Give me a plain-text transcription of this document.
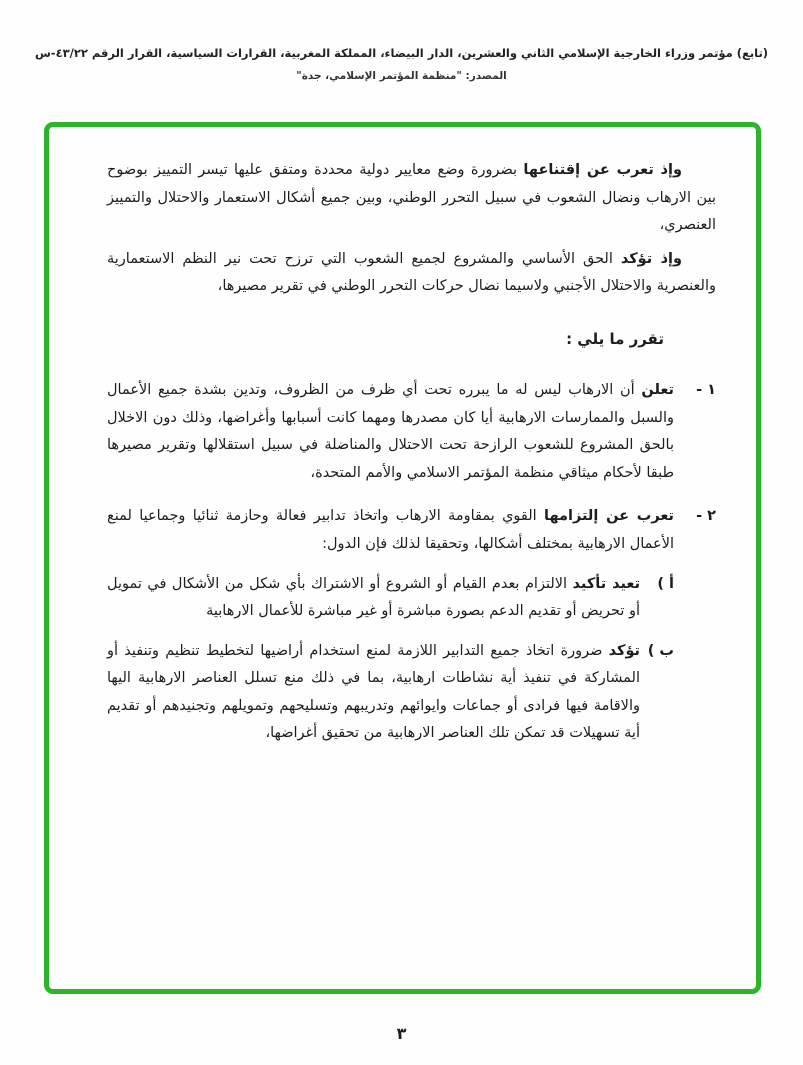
(تابع) مؤتمر وزراء الخارجية الإسلامي الثاني والعشرين، الدار البيضاء، المملكة المغربية، القرارات السياسية، القرار الرقم ٤٣/٢٢-س
المصدر: "منظمة المؤتمر الإسلامي، جدة"

وإذ تعرب عن إقتناعها بضرورة وضع معايير دولية محددة ومتفق عليها تيسر التمييز بوضوح بين الارهاب ونضال الشعوب في سبيل التحرر الوطني، وبين جميع أشكال الاستعمار والاحتلال والتمييز العنصري،

وإذ تؤكد الحق الأساسي والمشروع لجميع الشعوب التي ترزح تحت نير النظم الاستعمارية والعنصرية والاحتلال الأجنبي ولاسيما نضال حركات التحرر الوطني في تقرير مصيرها،

تقرر ما يلي :

١ -

تعلن أن الارهاب ليس له ما يبرره تحت أي ظرف من الظروف، وتدين بشدة جميع الأعمال والسبل والممارسات الارهابية أيا كان مصدرها ومهما كانت أسبابها وأغراضها، وذلك دون الاخلال بالحق المشروع للشعوب الرازحة تحت الاحتلال والمناضلة في سبيل استقلالها وتقرير مصيرها طبقا لأحكام ميثاقي منظمة المؤتمر الاسلامي والأمم المتحدة،

٢ -

تعرب عن إلتزامها القوي بمقاومة الارهاب واتخاذ تدابير فعالة وحازمة ثنائيا وجماعيا لمنع الأعمال الارهابية بمختلف أشكالها، وتحقيقا لذلك فإن الدول:

أ )

تعيد تأكيد الالتزام بعدم القيام أو الشروع أو الاشتراك بأي شكل من الأشكال في تمويل أو تحريض أو تقديم الدعم بصورة مباشرة أو غير مباشرة للأعمال الارهابية

ب )

تؤكد ضرورة اتخاذ جميع التدابير اللازمة لمنع استخدام أراضيها لتخطيط تنظيم وتنفيذ أو المشاركة في تنفيذ أية نشاطات ارهابية، بما في ذلك منع تسلل العناصر الارهابية اليها والاقامة فيها فرادى أو جماعات وايوائهم وتدريبهم وتسليحهم وتمويلهم وتجنيدهم أو تقديم أية تسهيلات قد تمكن تلك العناصر الارهابية من تحقيق أغراضها،

٣
